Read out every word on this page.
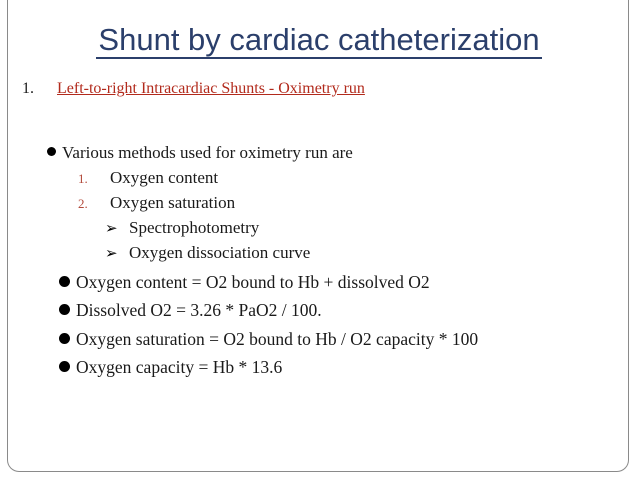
Shunt by cardiac catheterization
1. Left-to-right Intracardiac Shunts - Oximetry run
Various methods used for oximetry run are
1. Oxygen content
2. Oxygen saturation
➢ Spectrophotometry
➢ Oxygen dissociation curve
Oxygen content = O2 bound to Hb + dissolved O2
Dissolved O2 = 3.26 * PaO2 / 100.
Oxygen saturation = O2 bound to Hb / O2 capacity * 100
Oxygen capacity = Hb * 13.6
